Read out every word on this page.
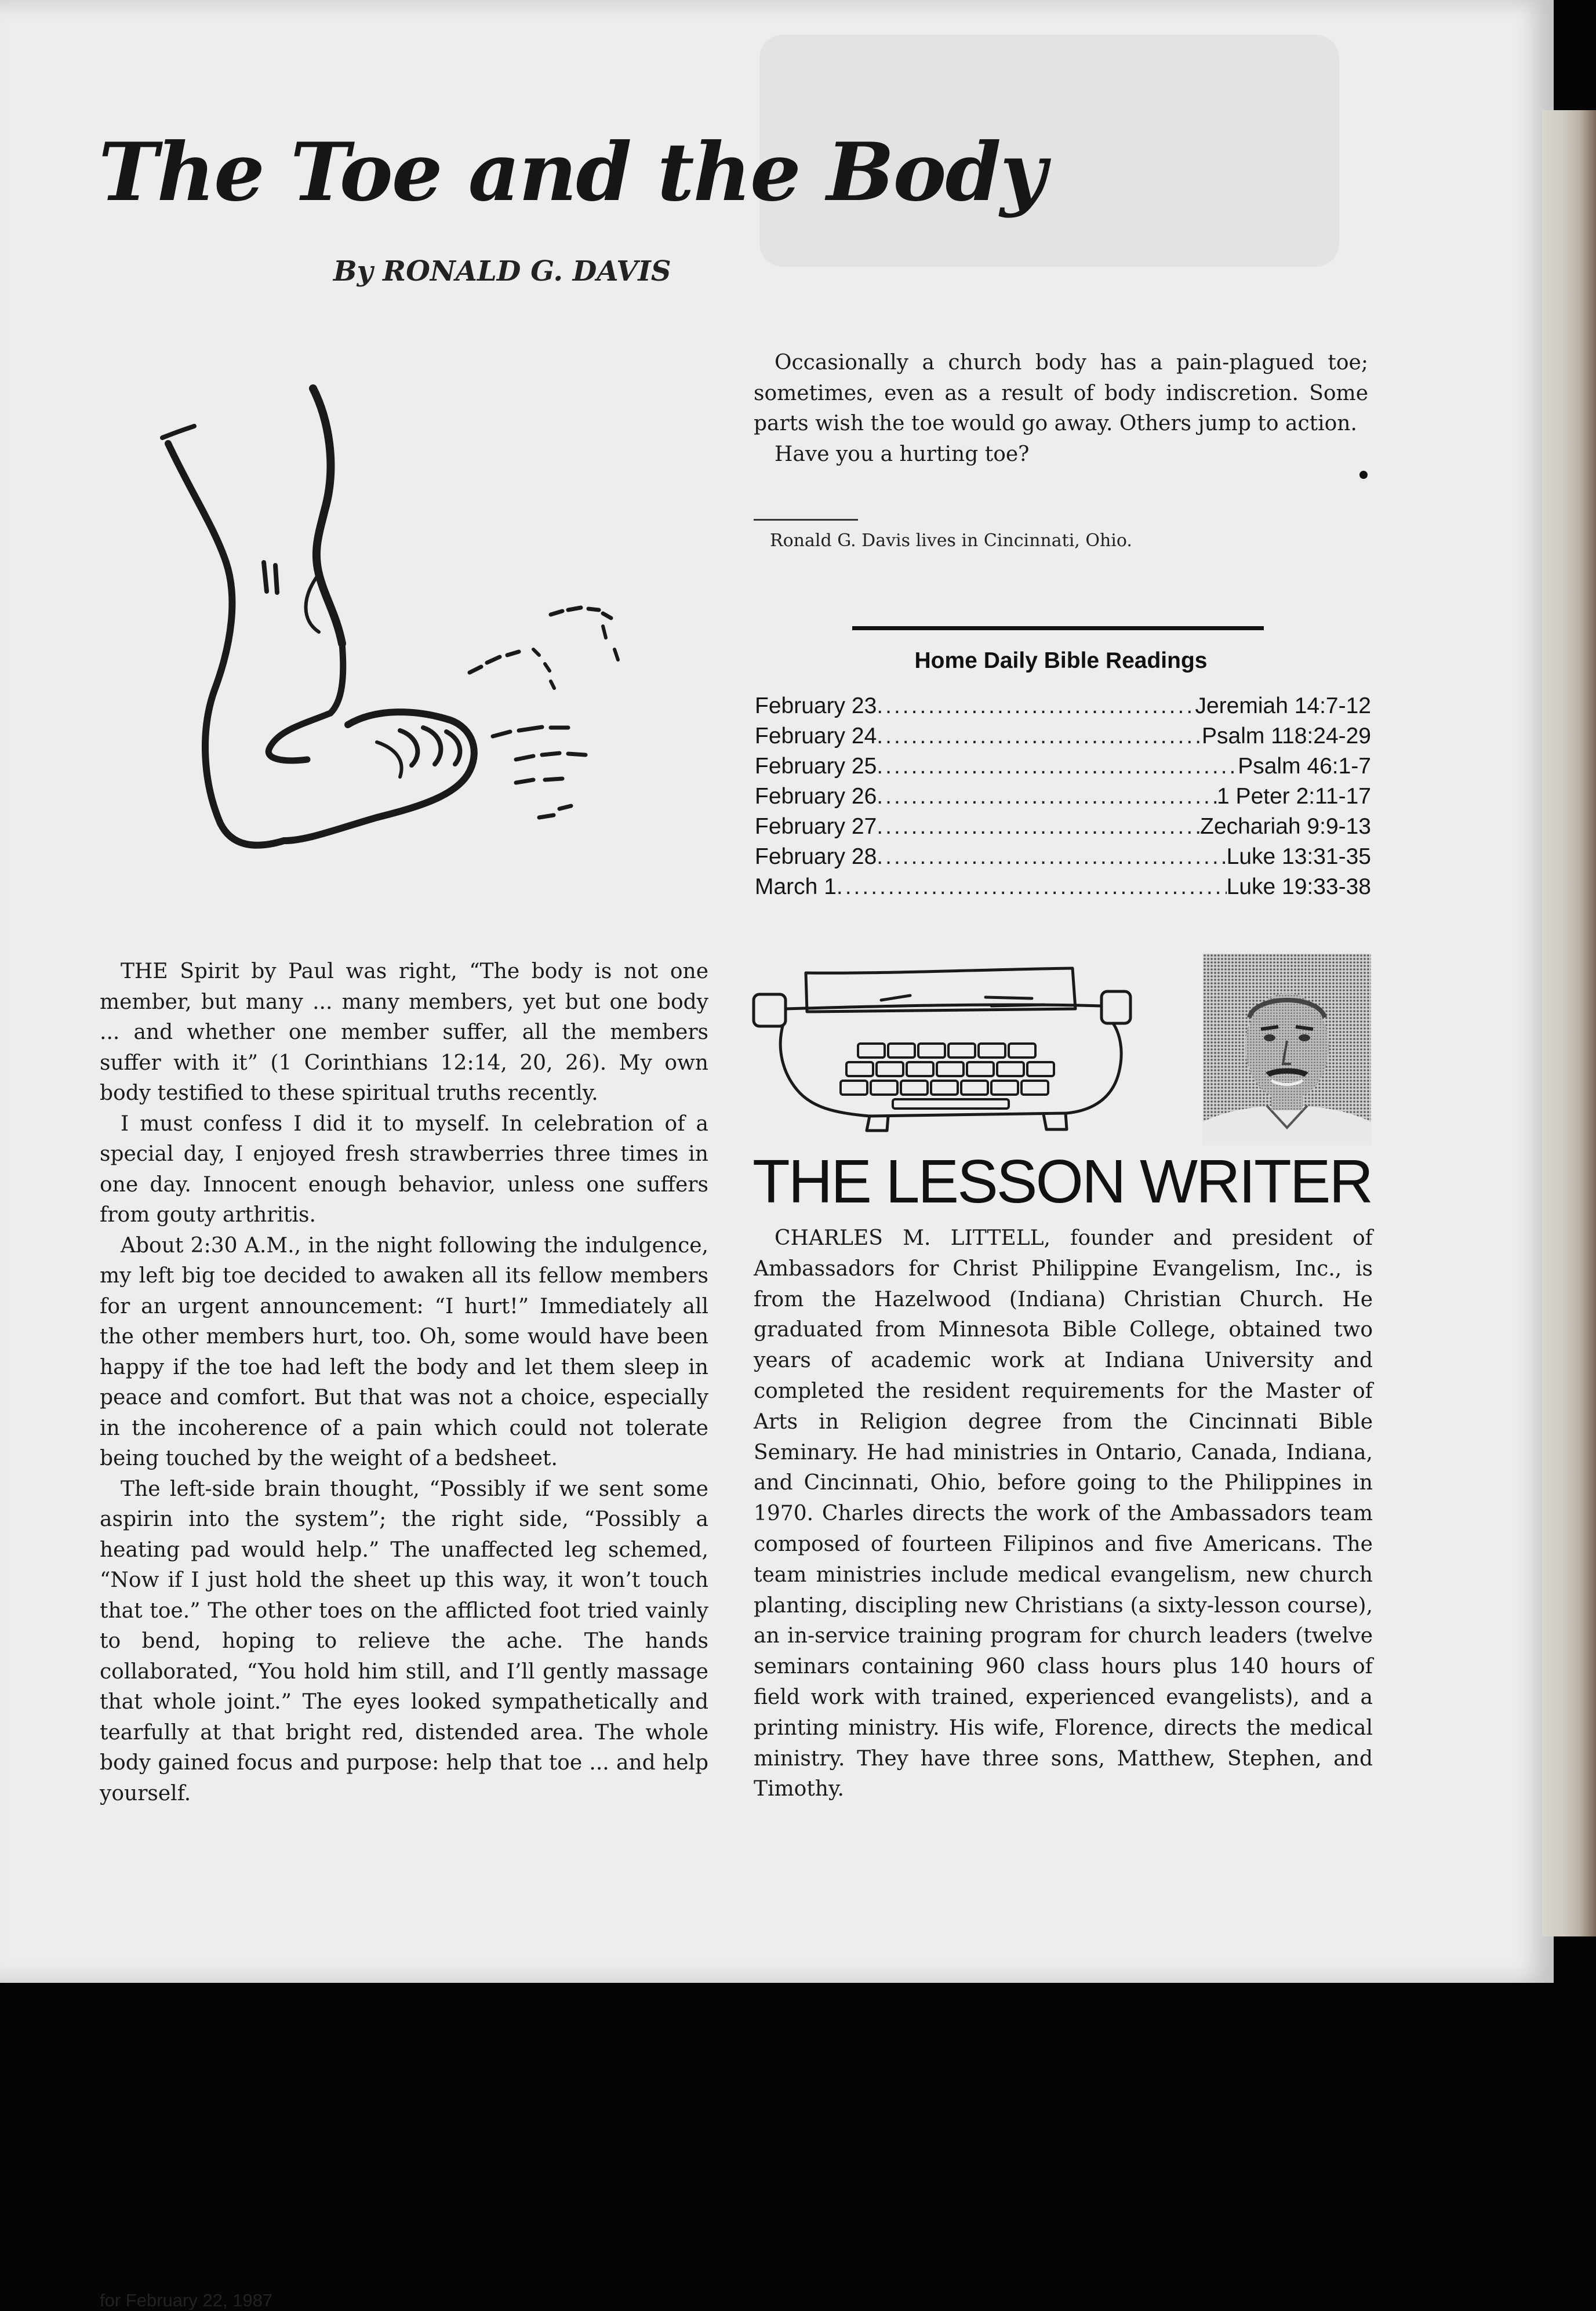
The Toe and the Body
By RONALD G. DAVIS

THE Spirit by Paul was right, “The body is not one member, but many ... many members, yet but one body ... and whether one member suffer, all the members suffer with it” (1 Corinthians 12:14, 20, 26). My own body testified to these spiritual truths recently.

I must confess I did it to myself. In celebration of a special day, I enjoyed fresh strawberries three times in one day. Innocent enough behavior, unless one suffers from gouty arthritis.

About 2:30 A.M., in the night following the indulgence, my left big toe decided to awaken all its fellow members for an urgent announcement: “I hurt!” Immediately all the other members hurt, too. Oh, some would have been happy if the toe had left the body and let them sleep in peace and comfort. But that was not a choice, especially in the incoherence of a pain which could not tolerate being touched by the weight of a bedsheet.

The left-side brain thought, “Possibly if we sent some aspirin into the system”; the right side, “Possibly a heating pad would help.” The unaffected leg schemed, “Now if I just hold the sheet up this way, it won’t touch that toe.” The other toes on the afflicted foot tried vainly to bend, hoping to relieve the ache. The hands collaborated, “You hold him still, and I’ll gently massage that whole joint.” The eyes looked sympathetically and tearfully at that bright red, distended area. The whole body gained focus and purpose: help that toe ... and help yourself.

Occasionally a church body has a pain-plagued toe; sometimes, even as a result of body indiscretion. Some parts wish the toe would go away. Others jump to action.

Have you a hurting toe?

Ronald G. Davis lives in Cincinnati, Ohio.
Home Daily Bible Readings
February 23 .....	Jeremiah 14:7-12
February 24 .....	Psalm 118:24-29
February 25 .....	Psalm 46:1-7
February 26 .....	1 Peter 2:11-17
February 27 .....	Zechariah 9:9-13
February 28 .....	Luke 13:31-35
March 1 .....	Luke 19:33-38
THE LESSON WRITER

CHARLES M. LITTELL, founder and president of Ambassadors for Christ Philippine Evangelism, Inc., is from the Hazelwood (Indiana) Christian Church. He graduated from Minnesota Bible College, obtained two years of academic work at Indiana University and completed the resident requirements for the Master of Arts in Religion degree from the Cincinnati Bible Seminary. He had ministries in Ontario, Canada, Indiana, and Cincinnati, Ohio, before going to the Philippines in 1970. Charles directs the work of the Ambassadors team composed of fourteen Filipinos and five Americans. The team ministries include medical evangelism, new church planting, discipling new Christians (a sixty-lesson course), an in-service training program for church leaders (twelve seminars containing 960 class hours plus 140 hours of field work with trained, experienced evangelists), and a printing ministry. His wife, Florence, directs the medical ministry. They have three sons, Matthew, Stephen, and Timothy.

for February 22, 1987
